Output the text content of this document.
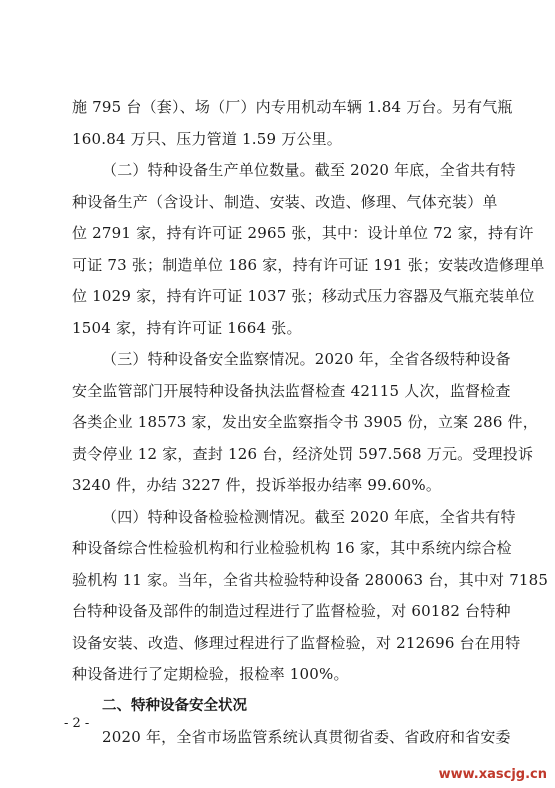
施 795 台（套）、场（厂）内专用机动车辆 1.84 万台。另有气瓶
160.84 万只、压力管道 1.59 万公里。
（二）特种设备生产单位数量。截至 2020 年底，全省共有特
种设备生产（含设计、制造、安装、改造、修理、气体充装）单
位 2791 家，持有许可证 2965 张，其中：设计单位 72 家，持有许
可证 73 张；制造单位 186 家，持有许可证 191 张；安装改造修理单
位 1029 家，持有许可证 1037 张；移动式压力容器及气瓶充装单位
1504 家，持有许可证 1664 张。
（三）特种设备安全监察情况。2020 年，全省各级特种设备
安全监管部门开展特种设备执法监督检查 42115 人次，监督检查
各类企业 18573 家，发出安全监察指令书 3905 份，立案 286 件，
责令停业 12 家，查封 126 台，经济处罚 597.568 万元。受理投诉
3240 件，办结 3227 件，投诉举报办结率 99.60%。
（四）特种设备检验检测情况。截至 2020 年底，全省共有特
种设备综合性检验机构和行业检验机构 16 家，其中系统内综合检
验机构 11 家。当年，全省共检验特种设备 280063 台，其中对 7185
台特种设备及部件的制造过程进行了监督检验，对 60182 台特种
设备安装、改造、修理过程进行了监督检验，对 212696 台在用特
种设备进行了定期检验，报检率 100%。
二、特种设备安全状况
2020 年，全省市场监管系统认真贯彻省委、省政府和省安委
- 2 -
www.xascjg.cn
